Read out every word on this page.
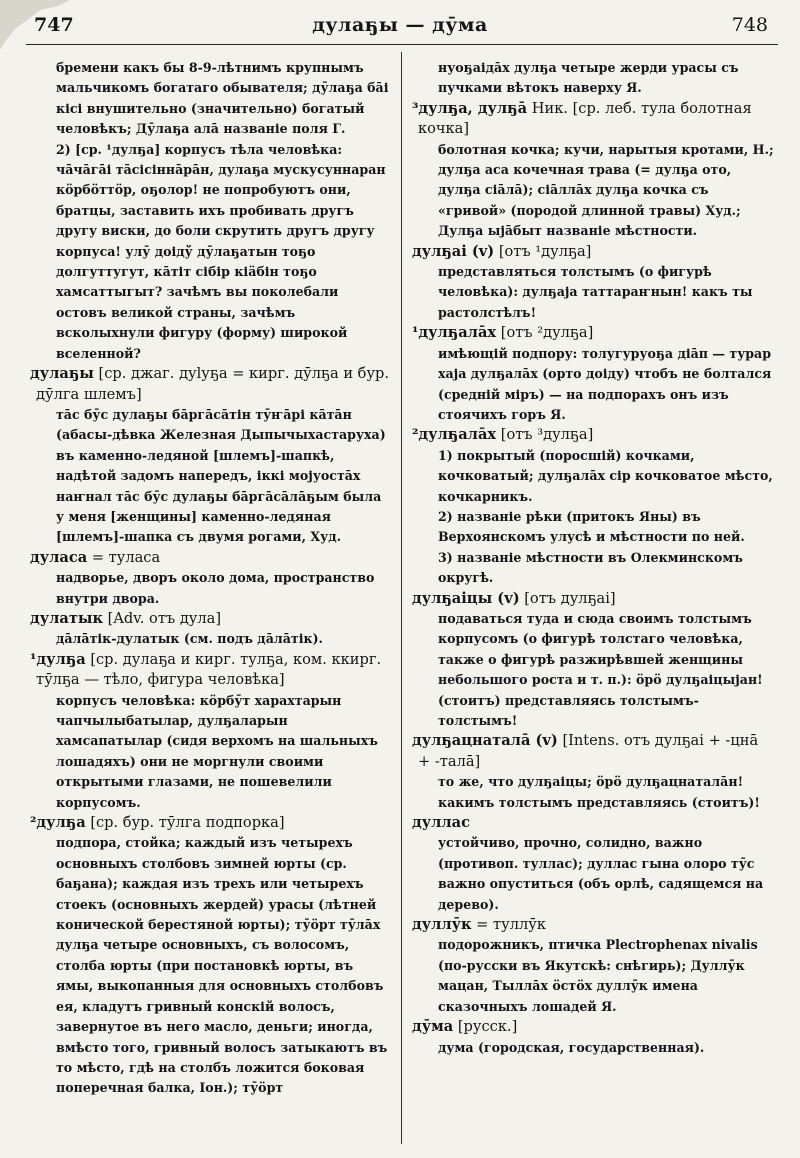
747	дулаҕы — дӯма	748
бремени какъ бы 8-9-лѣтнимъ крупнымъ мальчикомъ богатаго обывателя; дӯлаҕа бāі кісі внушительно (значительно) богатый человѣкъ; Дӯлаҕа алā названіе поля Г.
2) [ср. ¹дулҕа] корпусъ тѣла человѣка: чāчāгāі тāсісіннāрāн, дулаҕа мускусуннаран кӧрбӧттӧр, оҕолор! не попробуютъ они, братцы, заставить ихъ пробивать другъ другу виски, до боли скрутить другъ другу корпуса! улӯ доідў дӯлаҕатын тоҕо долгуттугут, кāтіт сібір кіäбін тоҕо хамсаттыгыт? зачѣмъ вы поколебали остовъ великой страны, зачѣмъ всколыхнули фигуру (форму) широкой вселенной?
дулаҕы [ср. джаг. дуlуҕа = кирг. дӯлҕа и бур. дӯлга шлемъ]
тāс бӯс дулаҕы бāргāсāтін тӯҥāрі кāтāн (абасы-дѣвка Железная Дыпычыхастаруха) въ каменно-ледяной [шлемъ]-шапкѣ, надѣтой задомъ напередъ, іккі мојуостāх наҥнал тāс бӯс дулаҕы бāргāсāлāҕым была у меня [женщины] каменно-ледяная [шлемъ]-шапка съ двумя рогами, Худ.
дуласа = туласа
надворье, дворъ около дома, пространство внутри двора.
дулатык [Adv. отъ дула]
дāлāтік-дулатык (см. подъ дāлāтік).
¹дулҕа [ср. дулаҕа и кирг. тулҕа, ком. ккирг. тӯлҕа — тѣло, фигура человѣка]
корпусъ человѣка: кӧрбӯт харахтарын чапчылыбатылар, дулҕаларын хамсапатылар (сидя верхомъ на шальныхъ лошадяхъ) они не моргнули своими открытыми глазами, не пошевелили корпусомъ.
²дулҕа [ср. бур. тӯлга подпорка]
подпора, стойка; каждый изъ четырехъ основныхъ столбовъ зимней юрты (ср. баҕана); каждая изъ трехъ или четырехъ стоекъ (основныхъ жердей) урасы (лѣтней конической берестяной юрты); тӯӧрт тӯлāх дулҕа четыре основныхъ, съ волосомъ, столба юрты (при постановкѣ юрты, въ ямы, выкопанныя для основныхъ столбовъ ея, кладутъ гривный конскій волосъ, завернутое въ него масло, деньги; иногда, вмѣсто того, гривный волосъ затыкаютъ въ то мѣсто, гдѣ на столбъ ложится боковая поперечная балка, Іон.); тӯӧрт
нуоҕаідāх дулҕа четыре жерди урасы съ пучками вѣтокъ наверху Я.
³дулҕа, дулҕā Ник. [ср. леб. тула болотная кочка]
болотная кочка; кучи, нарытыя кротами, Н.; дулҕа аса кочечная трава (= дулҕа ото, дулҕа сіāлā); сіāллāх дулҕа кочка съ «гривой» (породой длинной травы) Худ.; Дулҕа ыјāбыт названіе мѣстности.
дулҕаі (v) [отъ ¹дулҕа]
представляться толстымъ (о фигурѣ человѣка): дулҕаја таттараҥнын! какъ ты растолстѣлъ!
¹дулҕалāх [отъ ²дулҕа]
имѣющій подпору: толугуруоҕа діāп — турар хаја дулҕалāх (орто доіду) чтобъ не болтался (средній міръ) — на подпорахъ онъ изъ стоячихъ горъ Я.
²дулҕалāх [отъ ³дулҕа]
1) покрытый (поросшій) кочками, кочковатый; дулҕалāх сір кочковатое мѣсто, кочкарникъ.
2) названіе рѣки (притокъ Яны) въ Верхоянскомъ улусѣ и мѣстности по ней.
3) названіе мѣстности въ Олекминскомъ округѣ.
дулҕаіцы (v) [отъ дулҕаі]
подаваться туда и сюда своимъ толстымъ корпусомъ (о фигурѣ толстаго человѣка, также о фигурѣ разжирѣвшей женщины небольшого роста и т. п.): ӧрӧ дулҕаіцыјан! (стоитъ) представляясь толстымъ-толстымъ!
дулҕацнаталā (v) [Intens. отъ дулҕаі + -цнā + -талā]
то же, что дулҕаіцы; ӧрӧ дулҕацнаталāн! какимъ толстымъ представляясь (стоитъ)!
дуллас
устойчиво, прочно, солидно, важно (противоп. туллас); дуллас гына олоро тӯс важно опуститься (объ орлѣ, садящемся на дерево).
дуллӯк = туллӯк
подорожникъ, птичка Plectrophenax nivalis (по-русски въ Якутскѣ: снѣгирь); Дуллӯк мацан, Тыллāх ӧстӧх дуллӯк имена сказочныхъ лошадей Я.
дӯма [русск.]
дума (городская, государственная).
